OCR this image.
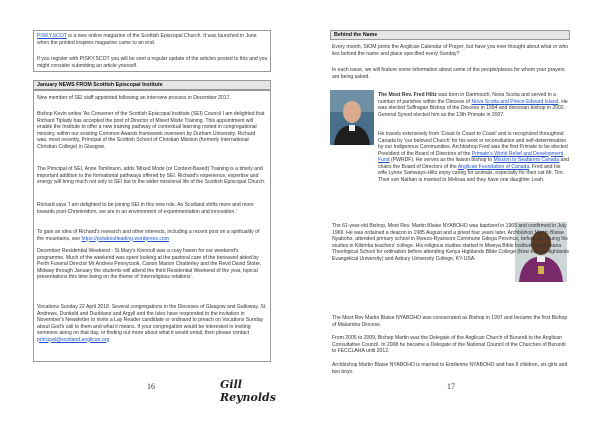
PISKY.SCOT is a new online magazine of the Scottish Episcopal Church. It was launched in June when the printed inspires magazine came to an end.

If you register with PISKY.SCOT you will be sent a regular update of the articles posted to this and you might consider submitting an article yourself.

January NEWS FROM Scottish Episcopal Institute

New member of SEI staff appointed following an interview process in December 2017.

Bishop Kevin writes 'As Convener of the Scottish Episcopal Institute (SEI) Council I am delighted that Richard Tiplady has accepted the post of Director of Mixed Mode Training. This appointment will enable the Institute to offer a new training pathway of contextual learning rooted in congregational ministry, within our existing Common Awards framework overseen by Durham University. Richard was, most recently, Principal of the Scottish School of Christian Mission (formerly International Christian College) in Glasgow.

The Principal of SEI, Anne Tomlinson, adds 'Mixed Mode (or Context-Based) Training is a timely and important addition to the formational pathways offered by SEI. Richard's experience, expertise and energy will bring much not only to SEI but to the wider missional life of the Scottish Episcopal Church.

Richard says 'I am delighted to be joining SEI in this new role. As Scotland shifts more and more towards post-Christendom, we are in an environment of experimentation and innovation.'

To gain an idea of Richard's research and other interests, including a recent post on a spirituality of the mountains, see https://potaboutleading.wordpress.com

December Residential Weekend - St Mary's Kinnoull was a cosy haven for our weekend's programme. Much of the weekend was spent looking at the pastoral care of the bereaved aided by Perth Funeral Director Mr Andrew Pennycook, Canon Marion Chatterley and the Revd David Stoter. Midway through January the students will attend the third Residential Weekend of the year, topical presentations this time being on the theme of 'interreligious relations'.

Vocations Sunday 22 April 2018. Several congregations in the Dioceses of Glasgow and Galloway, St Andrews, Dunkeld and Dunblane and Argyll and the Isles have responded to the invitation in November's Newsletter to invite a Lay Reader candidate or ordinand to preach on Vocations Sunday about God's call to them and what it means. If your congregation would be interested in inviting someone along on that day, or finding out more about what it would entail, then please contact principal@scotland.anglican.org

16	Gill Reynolds
Behind the Name

Every month, StOM prints the Anglican Calendar of Prayer, but have you ever thought about what or who lies behind the name and place specified every Sunday?

In each issue, we will feature some information about some of the people/places for whom your prayers are being asked.

The Most Rev. Fred Hiltz was born in Dartmouth, Nova Scotia and served in a number of parishes within the Diocese of Nova Scotia and Prince Edward Island. He was elected Suffragan Bishop of the Diocese in 1994 and diocesan bishop in 2002. General Synod elected him as the 13th Primate in 2007.

He travels extensively from 'Coast to Coast to Coast' and is recognized throughout Canada by 'our beloved Church' for his work in reconciliation and self-determination by our Indigenous Communities. Archbishop Fred was the first Primate to be elected President of the Board of Directors of the Primate's World Relief and Development Fund (PWRDF). He serves as the liaison bishop to Mission to Seafarers Canada and chairs the Board of Directors of the Anglican Foundation of Canada. Fred and his wife Lynne Samways-Hiltz enjoy caring for animals, especially for their cat Mr. Tim. Their son Nathan is married to Melissa and they have one daughter Leah.

The 61-year-old Bishop, Most Rev. Martin Blaise NYABOHO was baptized in 1965 and confirmed in July 1969. He was ordained a deacon in 1985 August and a priest four years later. Archbishop Martin Blaise Nyaboho, attended primary school in Rwezo-Ryansoro Commune Gitega Province, before continuing his studies in Kibimba teachers' college. His religious studies started in Mweya Bible Institute and Matana Theological School for ordination before attending Kenya Highlands Bible College (Now Kenya Highlands Evangelical University) and Asbury University College, KY-USA.

The Most Rev Martin Blaise NYABOHO was consecrated as Bishop in 1997 and became the first Bishop of Makamba Diocese.

From 2005 to 2009, Bishop Martin was the Delegate of the Anglican Church of Burundi to the Anglican Consultative Council. In 2008 he became a Delegate of the National Council of the Churches of Burundi to FECCLAHA until 2012.

Archbishop Martin Blaise NYABOHO is married to Emilienne NYABOHO and has 8 children, six girls and two boys.

17
